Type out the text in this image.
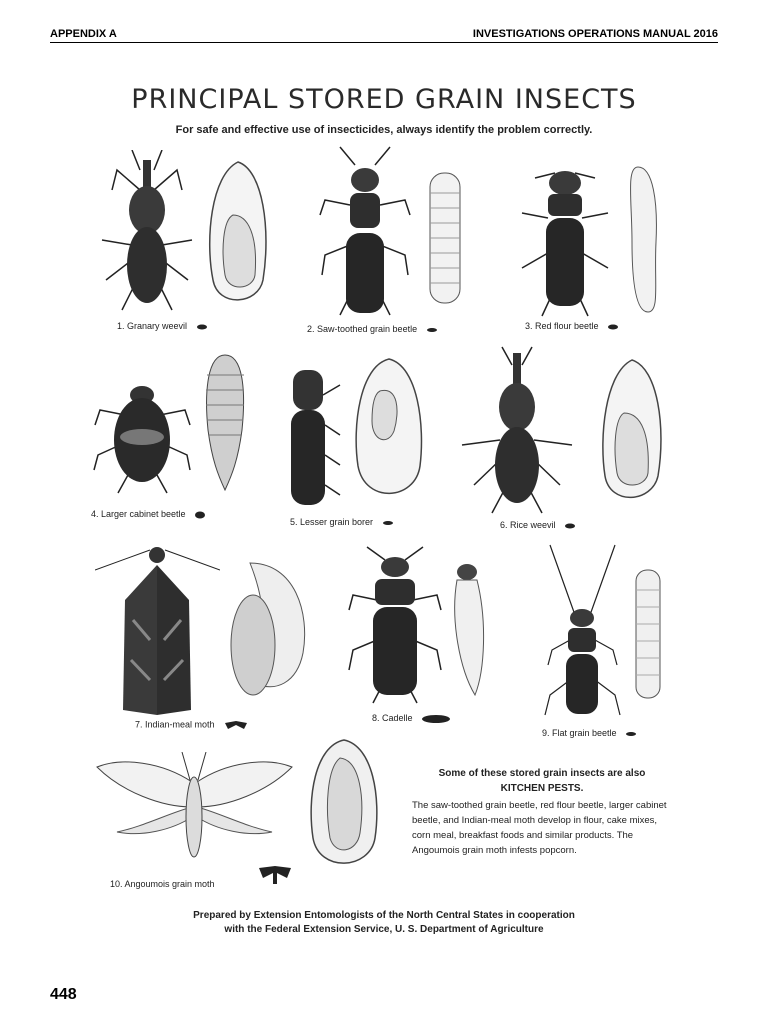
APPENDIX A	INVESTIGATIONS OPERATIONS MANUAL 2016
PRINCIPAL STORED GRAIN INSECTS
For safe and effective use of insecticides, always identify the problem correctly.
1. Granary weevil	2. Saw-toothed grain beetle	3. Red flour beetle
4. Larger cabinet beetle
5. Lesser grain borer	6. Rice weevil
7. Indian-meal moth
8. Cadelle
9. Flat grain beetle
10. Angoumois grain moth
Some of these stored grain insects are also
KITCHEN PESTS.
The saw-toothed grain beetle, red flour beetle, larger cabinet beetle, and Indian-meal moth develop in flour, cake mixes, corn meal, breakfast foods and similar products. The Angoumois grain moth infests popcorn.
Prepared by Extension Entomologists of the North Central States in cooperation
with the Federal Extension Service, U. S. Department of Agriculture
448
